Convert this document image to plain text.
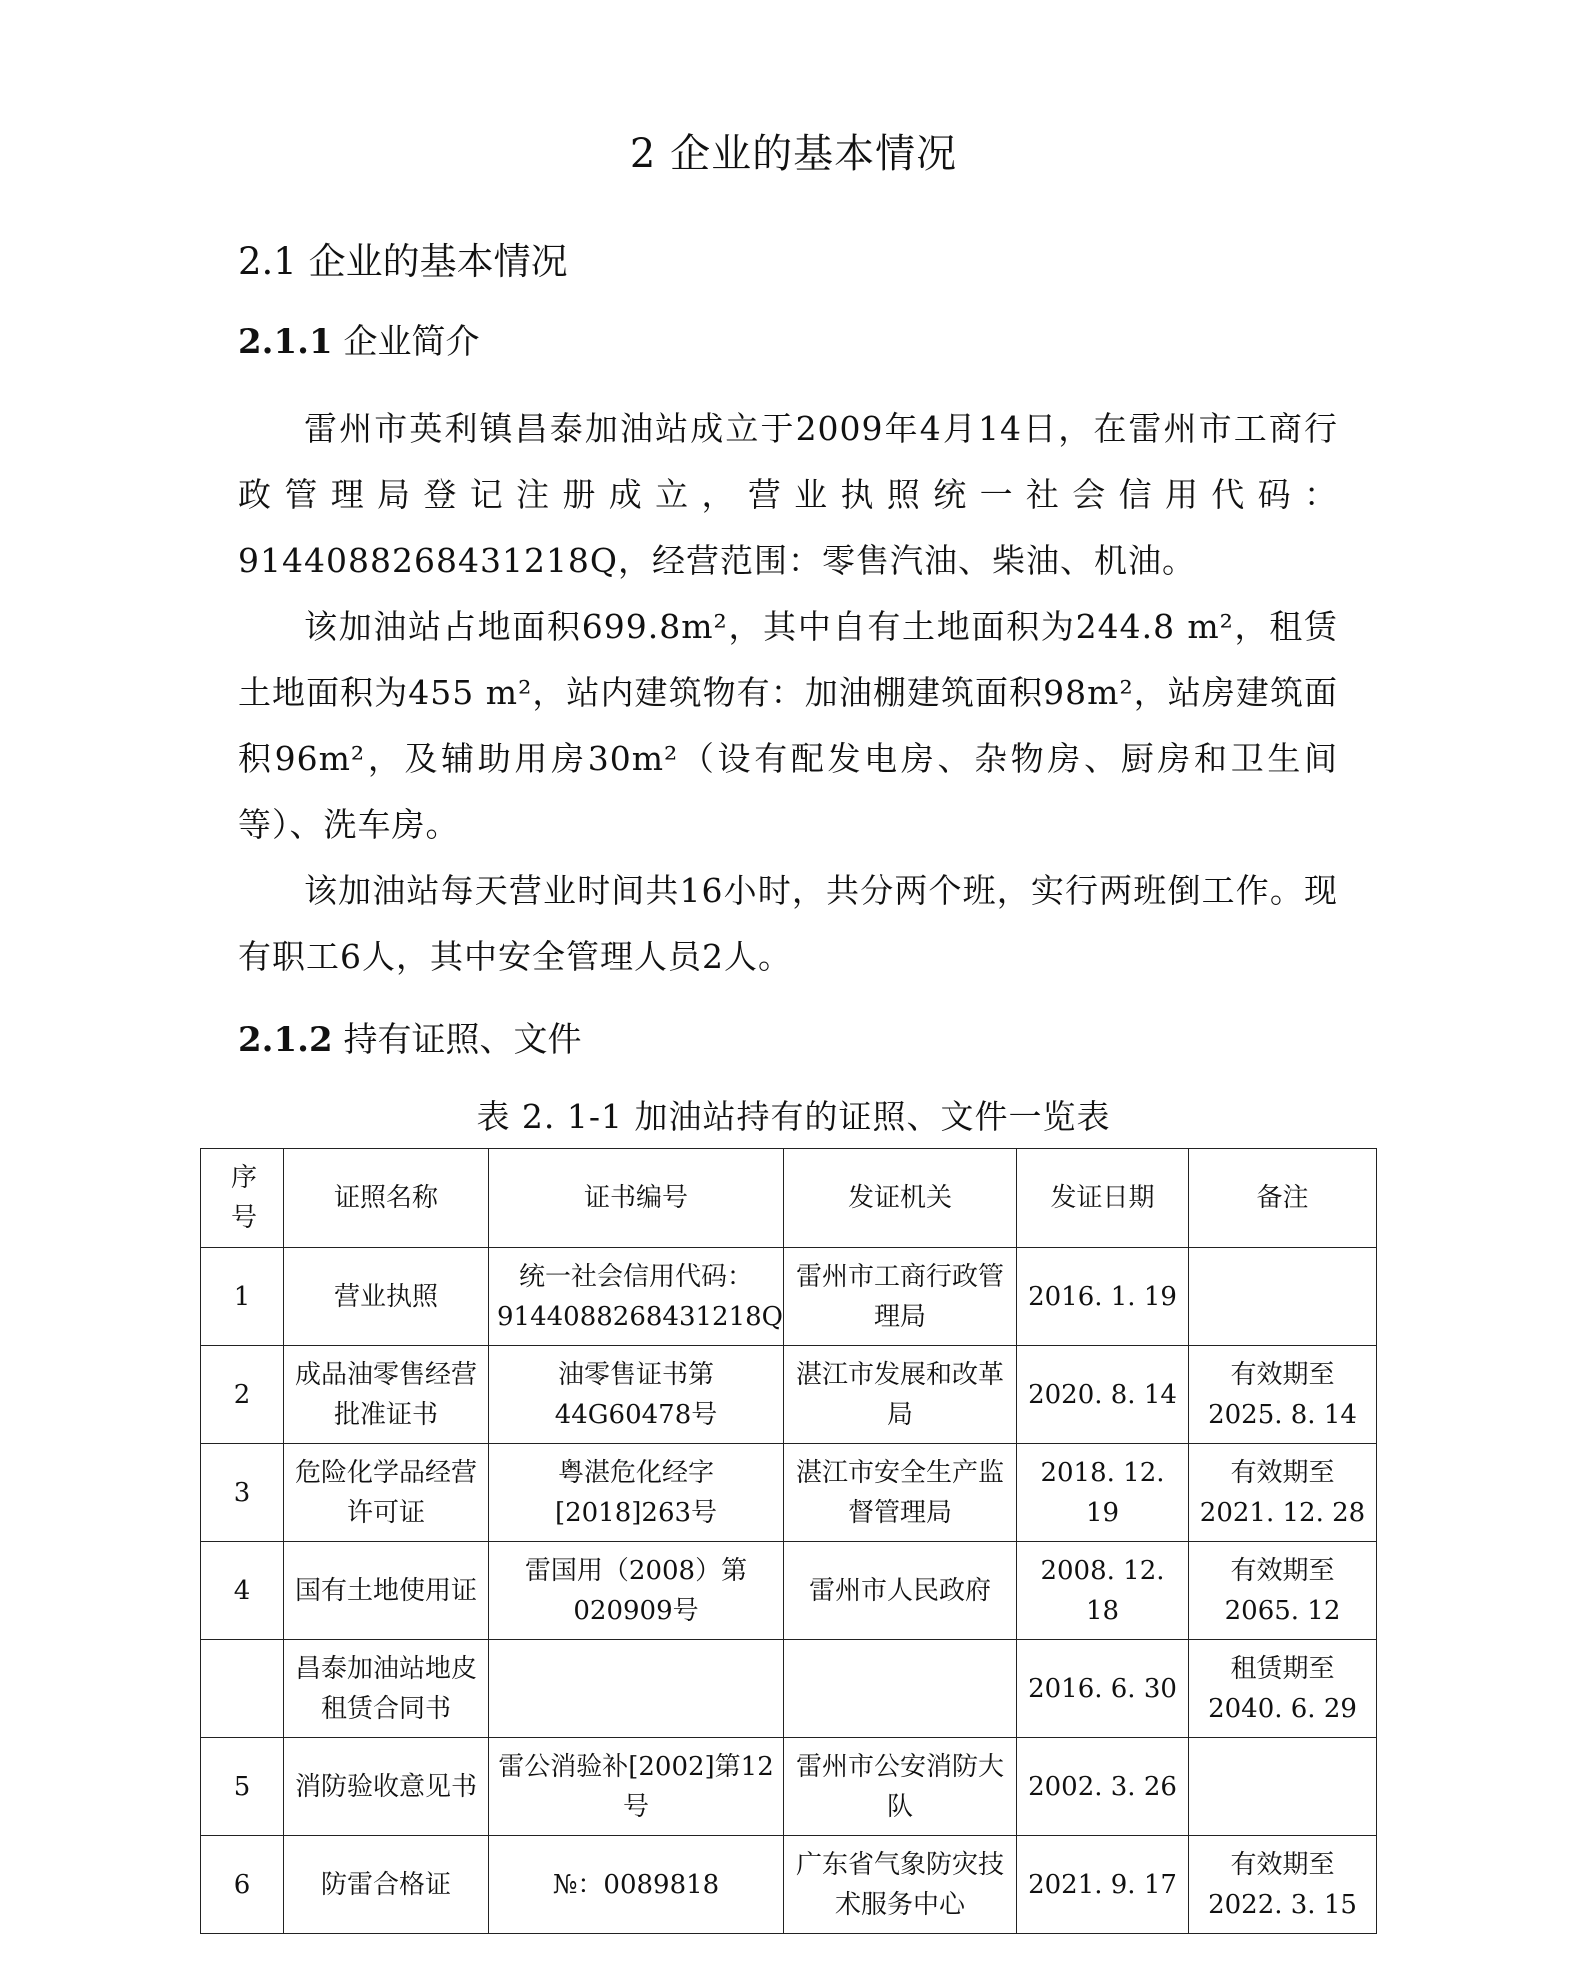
2 企业的基本情况
2.1 企业的基本情况
2.1.1 企业简介

雷州市英利镇昌泰加油站成立于2009年4月14日，在雷州市工商行政管理局登记注册成立，营业执照统一社会信用代码：9144088268431218Q，经营范围：零售汽油、柴油、机油。

该加油站占地面积699.8m²，其中自有土地面积为244.8 m²，租赁土地面积为455 m²，站内建筑物有：加油棚建筑面积98m²，站房建筑面积96m²，及辅助用房30m²（设有配发电房、杂物房、厨房和卫生间等）、洗车房。

该加油站每天营业时间共16小时，共分两个班，实行两班倒工作。现有职工6人，其中安全管理人员2人。

2.1.2 持有证照、文件
表 2. 1-1 加油站持有的证照、文件一览表
序号	证照名称	证书编号	发证机关	发证日期	备注
1	营业执照	统一社会信用代码：9144088268431218Q	雷州市工商行政管理局	2016. 1. 19	
2	成品油零售经营批准证书	油零售证书第44G60478号	湛江市发展和改革局	2020. 8. 14	有效期至2025. 8. 14
3	危险化学品经营许可证	粤湛危化经字[2018]263号	湛江市安全生产监督管理局	2018. 12. 19	有效期至2021. 12. 28
4	国有土地使用证	雷国用（2008）第020909号	雷州市人民政府	2008. 12. 18	有效期至2065. 12
	昌泰加油站地皮租赁合同书			2016. 6. 30	租赁期至2040. 6. 29
5	消防验收意见书	雷公消验补[2002]第12号	雷州市公安消防大队	2002. 3. 26	
6	防雷合格证	№：0089818	广东省气象防灾技术服务中心	2021. 9. 17	有效期至2022. 3. 15
